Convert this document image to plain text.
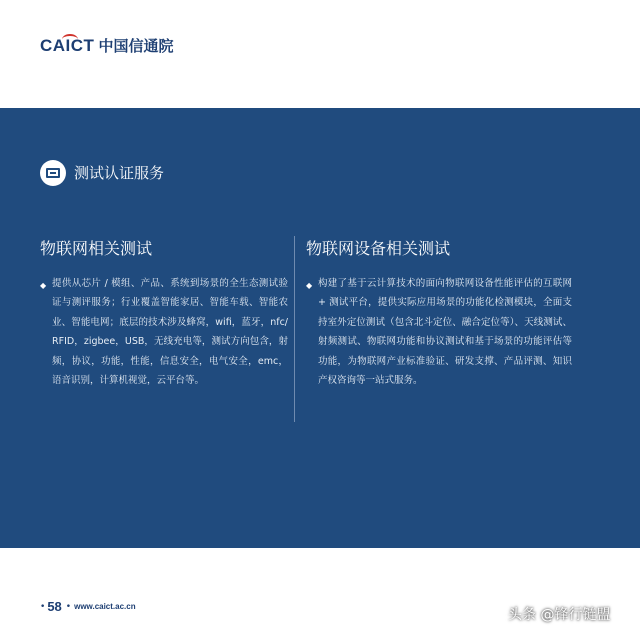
CAICT 中国信通院
测试认证服务
物联网相关测试
◆ 提供从芯片 / 模组、产品、系统到场景的全生态测试验证与测评服务；行业覆盖智能家居、智能车载、智能农业、智能电网；底层的技术涉及蜂窝，wifi，蓝牙，nfc/RFID，zigbee，USB，无线充电等，测试方向包含，射频，协议，功能，性能，信息安全，电气安全，emc，语音识别，计算机视觉，云平台等。

物联网设备相关测试
◆ 构建了基于云计算技术的面向物联网设备性能评估的互联网 + 测试平台，提供实际应用场景的功能化检测模块，全面支持室外定位测试（包含北斗定位、融合定位等）、天线测试、射频测试、物联网功能和协议测试和基于场景的功能评估等功能，为物联网产业标准验证、研发支撑、产品评测、知识产权咨询等一站式服务。

• 58 • www.caict.ac.cn
头条 @锋行链盟
